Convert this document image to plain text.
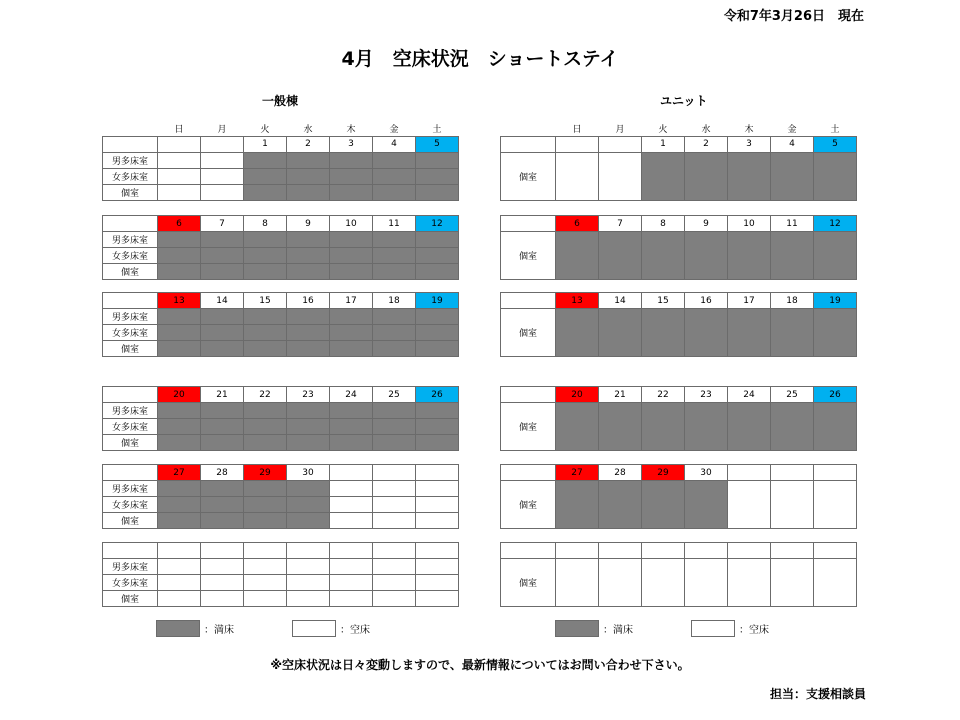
令和7年3月26日　現在
4月　空床状況　ショートステイ
一般棟	ユニット
	日	月	火	水	木	金	土
			1	2	3	4	5
男多床室							
女多床室							
個室							
	6	7	8	9	10	11	12
男多床室							
女多床室							
個室							
	13	14	15	16	17	18	19
男多床室							
女多床室							
個室							
	20	21	22	23	24	25	26
男多床室							
女多床室							
個室							
	27	28	29	30			
男多床室							
女多床室							
個室							

男多床室							
女多床室							
個室							
	日	月	火	水	木	金	土
			1	2	3	4	5
個室							
	6	7	8	9	10	11	12
個室							
	13	14	15	16	17	18	19
個室							
	20	21	22	23	24	25	26
個室							
	27	28	29	30			
個室							

個室							
：満床	：空床	：満床	：空床
※空床状況は日々変動しますので、最新情報についてはお問い合わせ下さい。
担当：支援相談員
